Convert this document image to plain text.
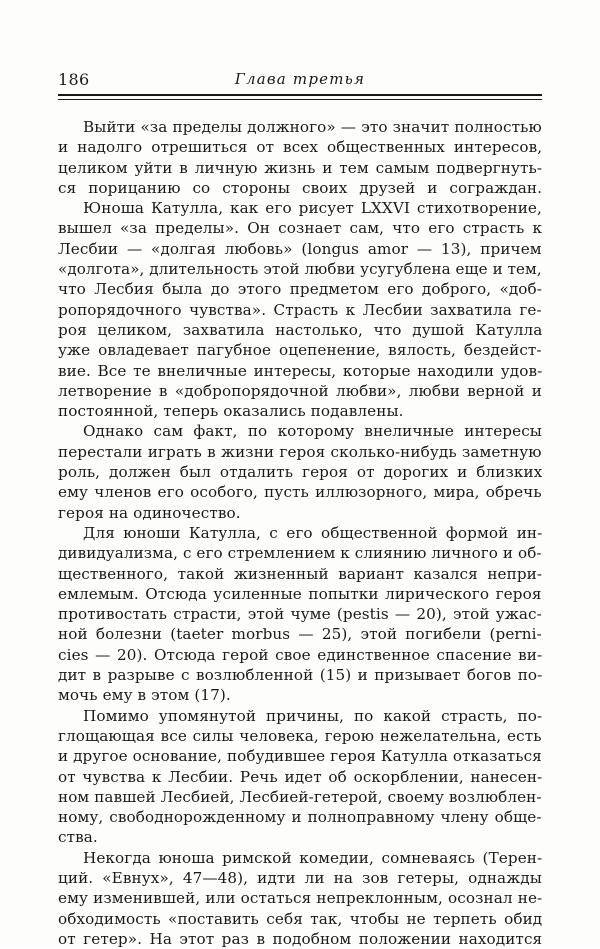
186	Глава третья
Выйти «за пределы должного» — это значит полностью
и надолго отрешиться от всех общественных интересов,
целиком уйти в личную жизнь и тем самым подвергнуть-
ся порицанию со стороны своих друзей и сограждан.
Юноша Катулла, как его рисует LXXVI стихотворение,
вышел «за пределы». Он сознает сам, что его страсть к
Лесбии — «долгая любовь» (longus amor — 13), причем
«долгота», длительность этой любви усугублена еще и тем,
что Лесбия была до этого предметом его доброго, «доб-
ропорядочного чувства». Страсть к Лесбии захватила ге-
роя целиком, захватила настолько, что душой Катулла
уже овладевает пагубное оцепенение, вялость, бездейст-
вие. Все те внеличные интересы, которые находили удов-
летворение в «добропорядочной любви», любви верной и
постоянной, теперь оказались подавлены.
Однако сам факт, по которому внеличные интересы
перестали играть в жизни героя сколько-нибудь заметную
роль, должен был отдалить героя от дорогих и близких
ему членов его особого, пусть иллюзорного, мира, обречь
героя на одиночество.
Для юноши Катулла, с его общественной формой ин-
дивидуализма, с его стремлением к слиянию личного и об-
щественного, такой жизненный вариант казался непри-
емлемым. Отсюда усиленные попытки лирического героя
противостать страсти, этой чуме (pestis — 20), этой ужас-
ной болезни (taeter morbus — 25), этой погибели (perni-
cies — 20). Отсюда герой свое единственное спасение ви-
дит в разрыве с возлюбленной (15) и призывает богов по-
мочь ему в этом (17).
Помимо упомянутой причины, по какой страсть, по-
глощающая все силы человека, герою нежелательна, есть
и другое основание, побудившее героя Катулла отказаться
от чувства к Лесбии. Речь идет об оскорблении, нанесен-
ном павшей Лесбией, Лесбией-гетерой, своему возлюблен-
ному, свободнорожденному и полноправному члену обще-
ства.
Некогда юноша римской комедии, сомневаясь (Терен-
ций. «Евнух», 47—48), идти ли на зов гетеры, однажды
ему изменившей, или остаться непреклонным, осознал не-
обходимость «поставить себя так, чтобы не терпеть обид
от гетер». На этот раз в подобном положении находится
